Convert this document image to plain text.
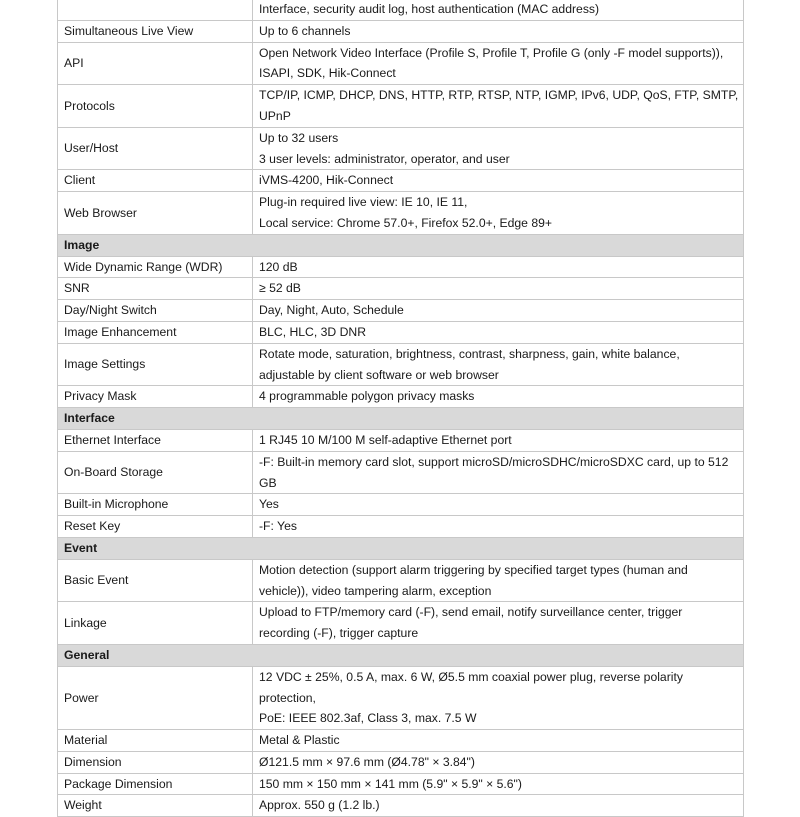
	Interface, security audit log, host authentication (MAC address)

Simultaneous Live View	Up to 6 channels

API	Open Network Video Interface (Profile S, Profile T, Profile G (only -F model supports)),
ISAPI, SDK, Hik-Connect

Protocols	TCP/IP, ICMP, DHCP, DNS, HTTP, RTP, RTSP, NTP, IGMP, IPv6, UDP, QoS, FTP, SMTP,
UPnP

User/Host	Up to 32 users
3 user levels: administrator, operator, and user

Client	iVMS-4200, Hik-Connect

Web Browser	Plug-in required live view: IE 10, IE 11,
Local service: Chrome 57.0+, Firefox 52.0+, Edge 89+

Image	
Wide Dynamic Range (WDR)	120 dB

SNR	≥ 52 dB

Day/Night Switch	Day, Night, Auto, Schedule

Image Enhancement	BLC, HLC, 3D DNR

Image Settings	Rotate mode, saturation, brightness, contrast, sharpness, gain, white balance,
adjustable by client software or web browser

Privacy Mask	4 programmable polygon privacy masks

Interface	
Ethernet Interface	1 RJ45 10 M/100 M self-adaptive Ethernet port

On-Board Storage	-F: Built-in memory card slot, support microSD/microSDHC/microSDXC card, up to 512
GB

Built-in Microphone	Yes

Reset Key	-F: Yes

Event	
Basic Event	Motion detection (support alarm triggering by specified target types (human and
vehicle)), video tampering alarm, exception

Linkage	Upload to FTP/memory card (-F), send email, notify surveillance center, trigger
recording (-F), trigger capture

General	
Power	12 VDC ± 25%, 0.5 A, max. 6 W, Ø5.5 mm coaxial power plug, reverse polarity
protection,
PoE: IEEE 802.3af, Class 3, max. 7.5 W

Material	Metal & Plastic

Dimension	Ø121.5 mm × 97.6 mm (Ø4.78" × 3.84")

Package Dimension	150 mm × 150 mm × 141 mm (5.9" × 5.9" × 5.6")

Weight	Approx. 550 g (1.2 lb.)
